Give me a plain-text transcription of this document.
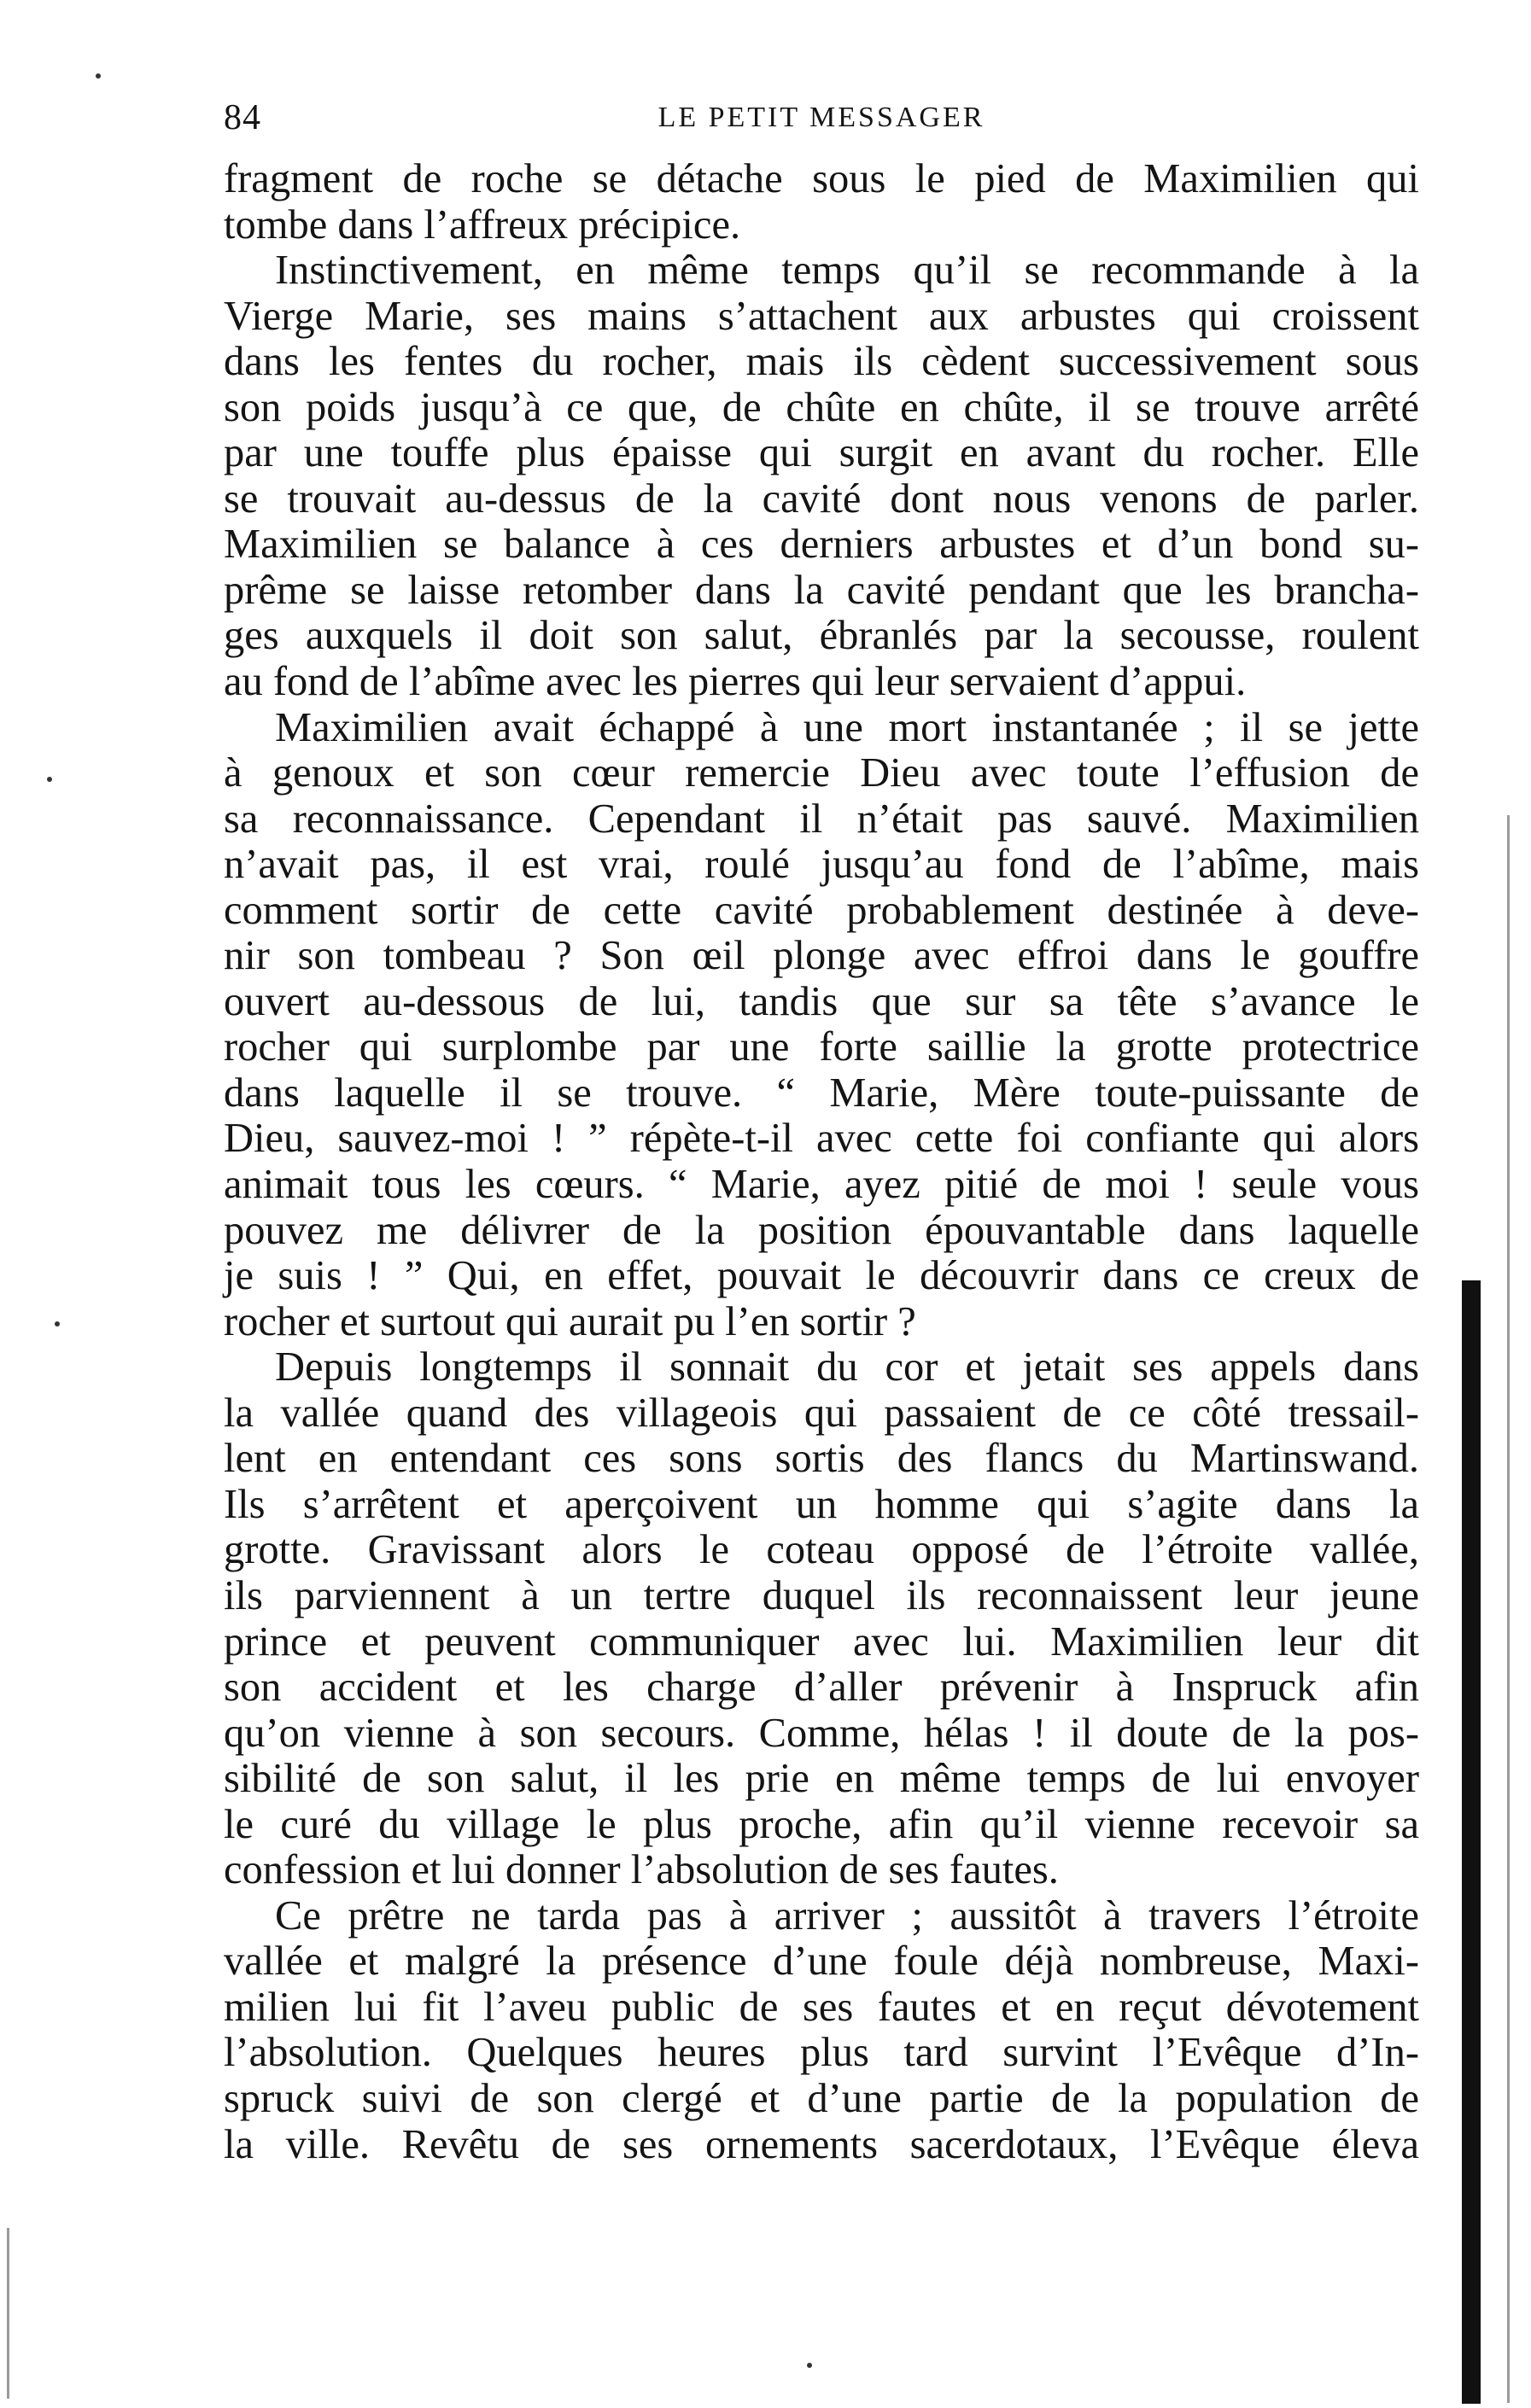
84	LE PETIT MESSAGER
fragment de roche se détache sous le pied de Maximilien qui
tombe dans l’affreux précipice.
Instinctivement, en même temps qu’il se recommande à la
Vierge Marie, ses mains s’attachent aux arbustes qui croissent
dans les fentes du rocher, mais ils cèdent successivement sous
son poids jusqu’à ce que, de chûte en chûte, il se trouve arrêté
par une touffe plus épaisse qui surgit en avant du rocher. Elle
se trouvait au-dessus de la cavité dont nous venons de parler.
Maximilien se balance à ces derniers arbustes et d’un bond su-
prême se laisse retomber dans la cavité pendant que les brancha-
ges auxquels il doit son salut, ébranlés par la secousse, roulent
au fond de l’abîme avec les pierres qui leur servaient d’appui.
Maximilien avait échappé à une mort instantanée ; il se jette
à genoux et son cœur remercie Dieu avec toute l’effusion de
sa reconnaissance. Cependant il n’était pas sauvé. Maximilien
n’avait pas, il est vrai, roulé jusqu’au fond de l’abîme, mais
comment sortir de cette cavité probablement destinée à deve-
nir son tombeau ? Son œil plonge avec effroi dans le gouffre
ouvert au-dessous de lui, tandis que sur sa tête s’avance le
rocher qui surplombe par une forte saillie la grotte protectrice
dans laquelle il se trouve. “ Marie, Mère toute-puissante de
Dieu, sauvez-moi ! ” répète-t-il avec cette foi confiante qui alors
animait tous les cœurs. “ Marie, ayez pitié de moi ! seule vous
pouvez me délivrer de la position épouvantable dans laquelle
je suis ! ” Qui, en effet, pouvait le découvrir dans ce creux de
rocher et surtout qui aurait pu l’en sortir ?
Depuis longtemps il sonnait du cor et jetait ses appels dans
la vallée quand des villageois qui passaient de ce côté tressail-
lent en entendant ces sons sortis des flancs du Martinswand.
Ils s’arrêtent et aperçoivent un homme qui s’agite dans la
grotte. Gravissant alors le coteau opposé de l’étroite vallée,
ils parviennent à un tertre duquel ils reconnaissent leur jeune
prince et peuvent communiquer avec lui. Maximilien leur dit
son accident et les charge d’aller prévenir à Inspruck afin
qu’on vienne à son secours. Comme, hélas ! il doute de la pos-
sibilité de son salut, il les prie en même temps de lui envoyer
le curé du village le plus proche, afin qu’il vienne recevoir sa
confession et lui donner l’absolution de ses fautes.
Ce prêtre ne tarda pas à arriver ; aussitôt à travers l’étroite
vallée et malgré la présence d’une foule déjà nombreuse, Maxi-
milien lui fit l’aveu public de ses fautes et en reçut dévotement
l’absolution. Quelques heures plus tard survint l’Evêque d’In-
spruck suivi de son clergé et d’une partie de la population de
la ville. Revêtu de ses ornements sacerdotaux, l’Evêque éleva
